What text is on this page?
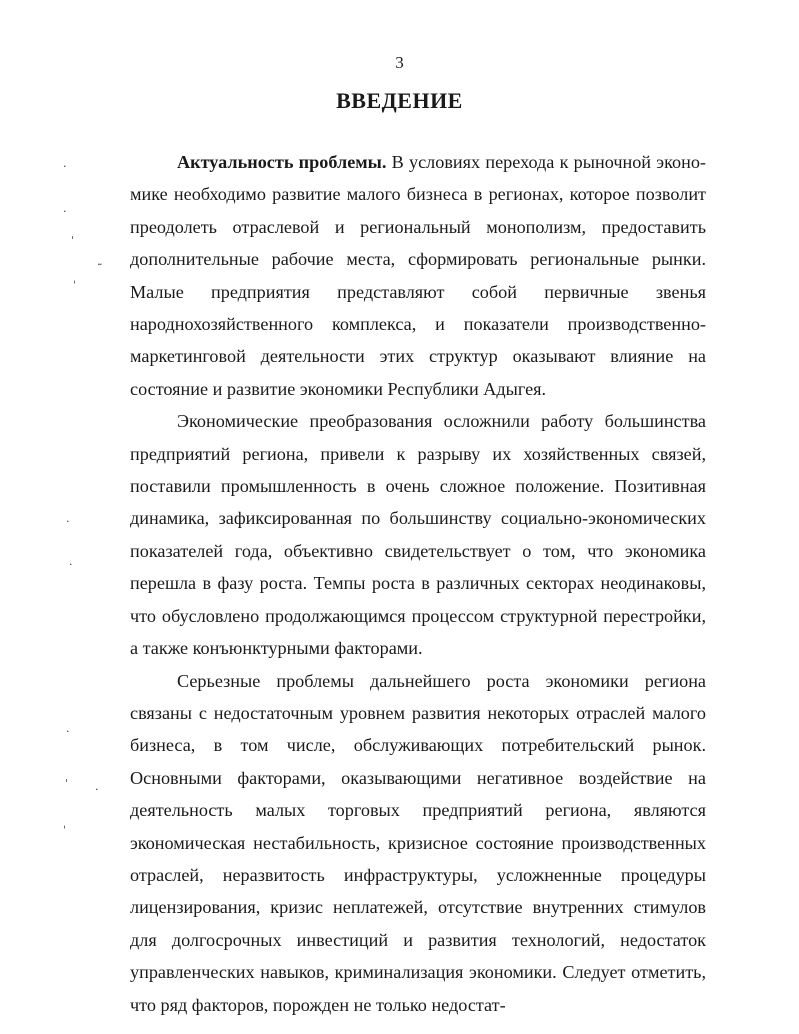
3
ВВЕДЕНИЕ

Актуальность проблемы. В условиях перехода к рыночной экономике необходимо развитие малого бизнеса в регионах, которое позволит преодолеть отраслевой и региональный монополизм, предоставить дополнительные рабочие места, сформировать региональные рынки. Малые предприятия представляют собой первичные звенья народнохозяйственного комплекса, и показатели производственно-маркетинговой деятельности этих структур оказывают влияние на состояние и развитие экономики Республики Адыгея.

Экономические преобразования осложнили работу большинства предприятий региона, привели к разрыву их хозяйственных связей, поставили промышленность в очень сложное положение. Позитивная динамика, зафиксированная по большинству социально-экономических показателей года, объективно свидетельствует о том, что экономика перешла в фазу роста. Темпы роста в различных секторах неодинаковы, что обусловлено продолжающимся процессом структурной перестройки, а также конъюнктурными факторами.

Серьезные проблемы дальнейшего роста экономики региона связаны с недостаточным уровнем развития некоторых отраслей малого бизнеса, в том числе, обслуживающих потребительский рынок. Основными факторами, оказывающими негативное воздействие на деятельность малых торговых предприятий региона, являются экономическая нестабильность, кризисное состояние производственных отраслей, неразвитость инфраструктуры, усложненные процедуры лицензирования, кризис неплатежей, отсутствие внутренних стимулов для долгосрочных инвестиций и развития технологий, недостаток управленческих навыков, криминализация экономики. Следует отметить, что ряд факторов, порожден не только недостат-

·
·
ˈ
˜
ˌ
·
·
·
ˈ ·
ˌ
